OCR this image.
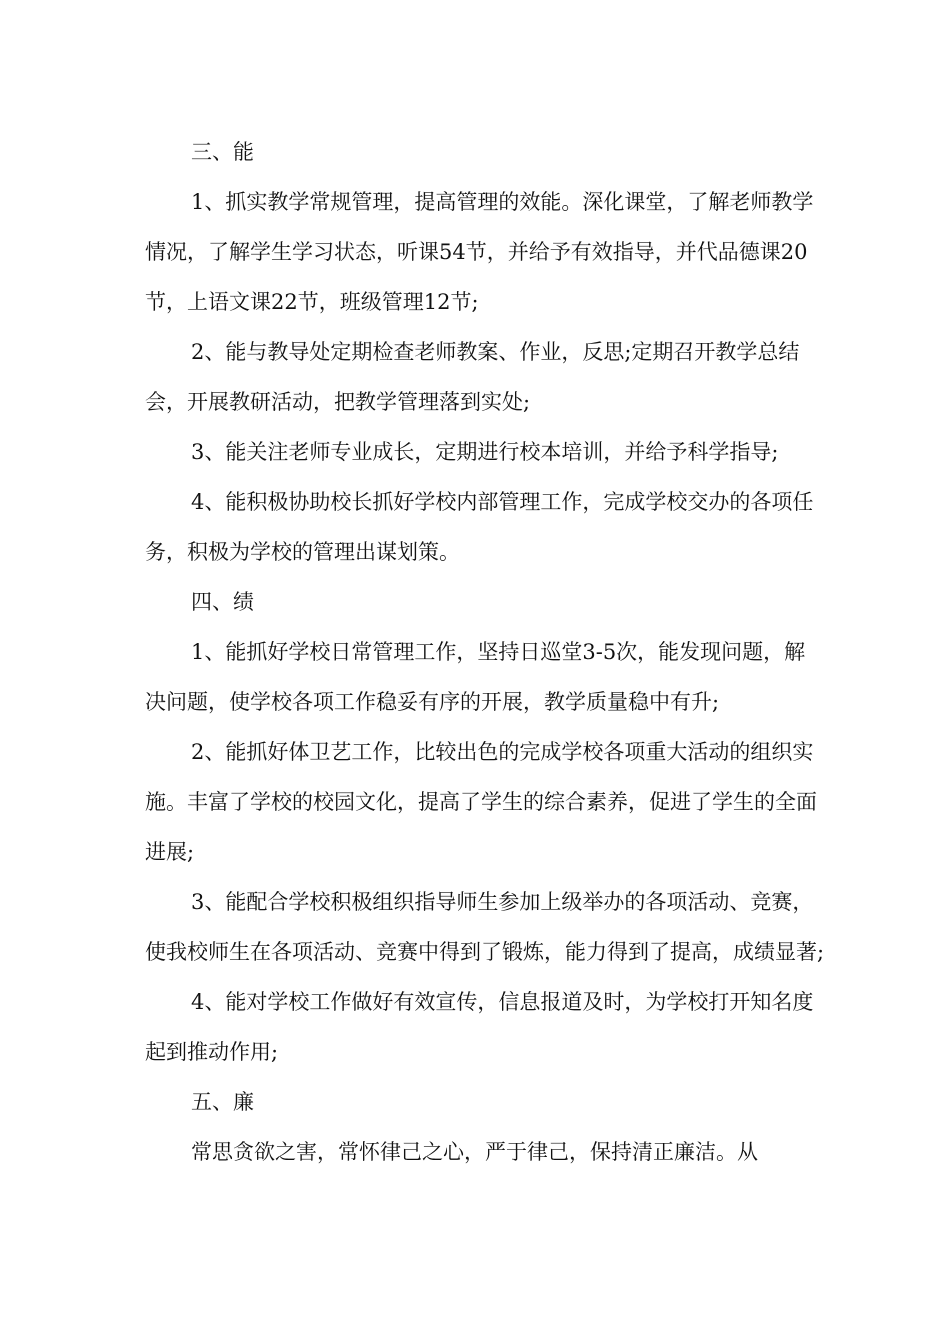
三、能

1、抓实教学常规管理，提高管理的效能。深化课堂，了解老师教学情况，了解学生学习状态，听课54节，并给予有效指导，并代品德课20节，上语文课22节，班级管理12节;

2、能与教导处定期检查老师教案、作业，反思;定期召开教学总结会，开展教研活动，把教学管理落到实处;

3、能关注老师专业成长，定期进行校本培训，并给予科学指导;

4、能积极协助校长抓好学校内部管理工作，完成学校交办的各项任务，积极为学校的管理出谋划策。

四、绩

1、能抓好学校日常管理工作，坚持日巡堂3-5次，能发现问题，解决问题，使学校各项工作稳妥有序的开展，教学质量稳中有升;

2、能抓好体卫艺工作，比较出色的完成学校各项重大活动的组织实施。丰富了学校的校园文化，提高了学生的综合素养，促进了学生的全面进展;

3、能配合学校积极组织指导师生参加上级举办的各项活动、竞赛，使我校师生在各项活动、竞赛中得到了锻炼，能力得到了提高，成绩显著;

4、能对学校工作做好有效宣传，信息报道及时，为学校打开知名度起到推动作用;

五、廉

常思贪欲之害，常怀律己之心，严于律己，保持清正廉洁。从
